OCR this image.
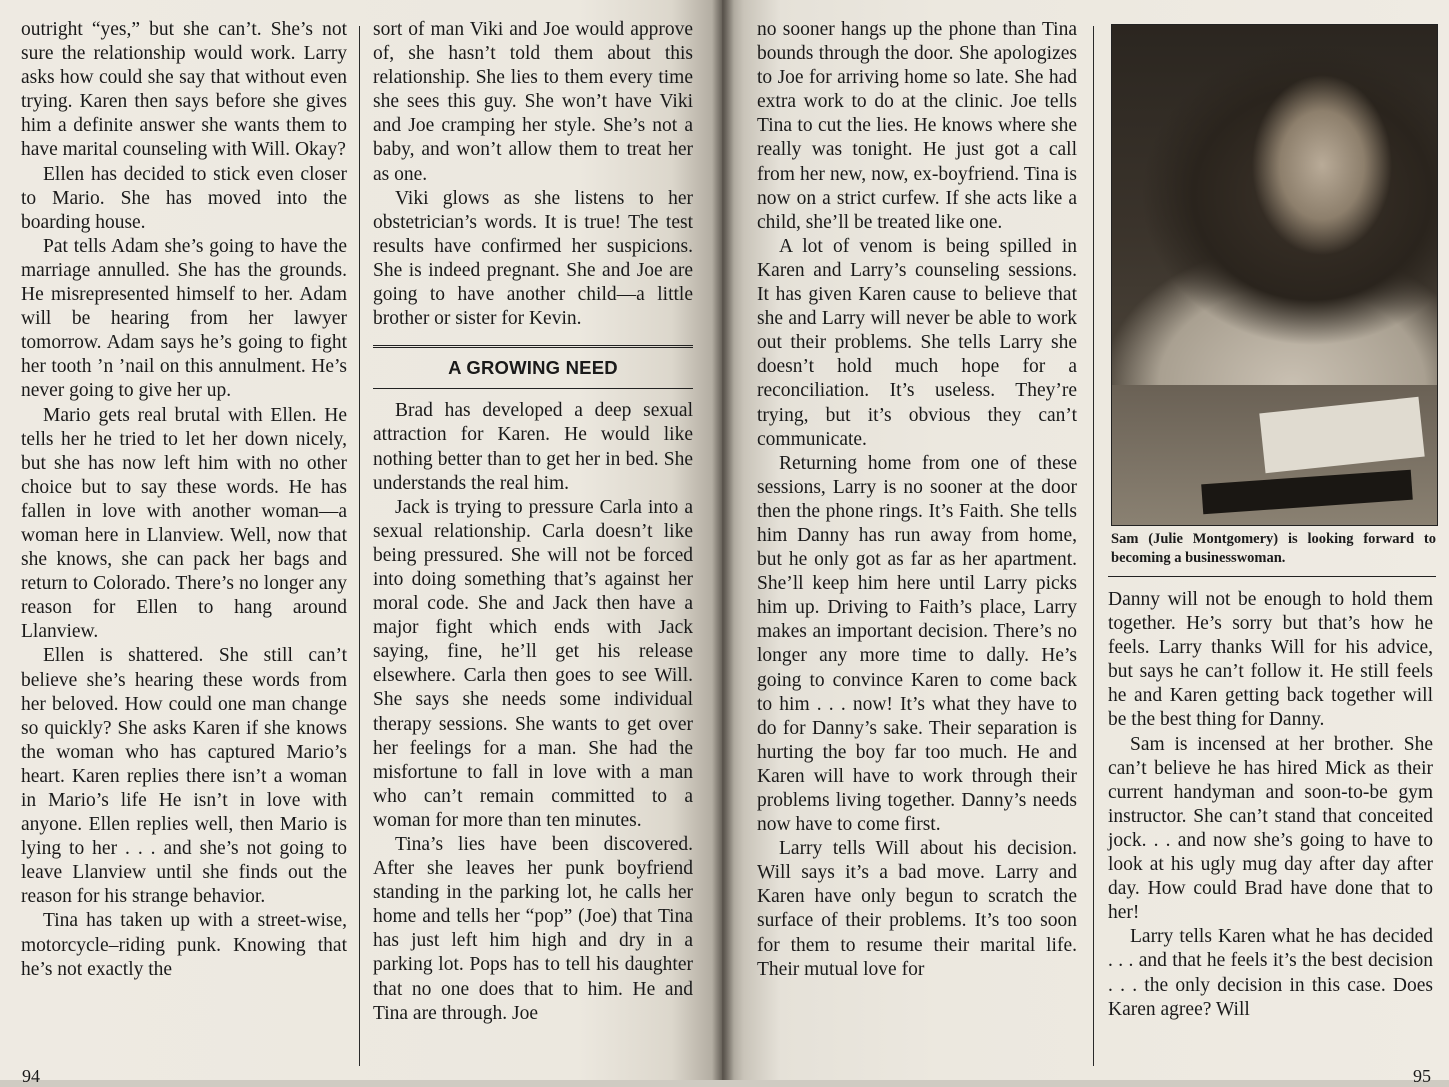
outright “yes,” but she can’t. She’s not sure the relationship would work. Larry asks how could she say that without even trying. Karen then says before she gives him a definite answer she wants them to have marital counseling with Will. Okay?

Ellen has decided to stick even closer to Mario. She has moved into the boarding house.

Pat tells Adam she’s going to have the marriage annulled. She has the grounds. He misrepresented himself to her. Adam will be hearing from her lawyer tomorrow. Adam says he’s going to fight her tooth ’n ’nail on this annulment. He’s never going to give her up.

Mario gets real brutal with Ellen. He tells her he tried to let her down nicely, but she has now left him with no other choice but to say these words. He has fallen in love with another woman—a woman here in Llanview. Well, now that she knows, she can pack her bags and return to Colorado. There’s no longer any reason for Ellen to hang around Llanview.

Ellen is shattered. She still can’t believe she’s hearing these words from her beloved. How could one man change so quickly? She asks Karen if she knows the woman who has captured Mario’s heart. Karen replies there isn’t a woman in Mario’s life He isn’t in love with anyone. Ellen replies well, then Mario is lying to her . . . and she’s not going to leave Llanview until she finds out the reason for his strange behavior.

Tina has taken up with a street-wise, motorcycle–riding punk. Knowing that he’s not exactly the

sort of man Viki and Joe would approve of, she hasn’t told them about this relationship. She lies to them every time she sees this guy. She won’t have Viki and Joe cramping her style. She’s not a baby, and won’t allow them to treat her as one.

Viki glows as she listens to her obstetrician’s words. It is true! The test results have confirmed her suspicions. She is indeed pregnant. She and Joe are going to have another child—a little brother or sister for Kevin.

A GROWING NEED

Brad has developed a deep sexual attraction for Karen. He would like nothing better than to get her in bed. She understands the real him.

Jack is trying to pressure Carla into a sexual relationship. Carla doesn’t like being pressured. She will not be forced into doing something that’s against her moral code. She and Jack then have a major fight which ends with Jack saying, fine, he’ll get his release elsewhere. Carla then goes to see Will. She says she needs some individual therapy sessions. She wants to get over her feelings for a man. She had the misfortune to fall in love with a man who can’t remain committed to a woman for more than ten minutes.

Tina’s lies have been discovered. After she leaves her punk boyfriend standing in the parking lot, he calls her home and tells her “pop” (Joe) that Tina has just left him high and dry in a parking lot. Pops has to tell his daughter that no one does that to him. He and Tina are through. Joe

94

no sooner hangs up the phone than Tina bounds through the door. She apologizes to Joe for arriving home so late. She had extra work to do at the clinic. Joe tells Tina to cut the lies. He knows where she really was tonight. He just got a call from her new, now, ex-boyfriend. Tina is now on a strict curfew. If she acts like a child, she’ll be treated like one.

A lot of venom is being spilled in Karen and Larry’s counseling sessions. It has given Karen cause to believe that she and Larry will never be able to work out their problems. She tells Larry she doesn’t hold much hope for a reconciliation. It’s useless. They’re trying, but it’s obvious they can’t communicate.

Returning home from one of these sessions, Larry is no sooner at the door then the phone rings. It’s Faith. She tells him Danny has run away from home, but he only got as far as her apartment. She’ll keep him here until Larry picks him up. Driving to Faith’s place, Larry makes an important decision. There’s no longer any more time to dally. He’s going to convince Karen to come back to him . . . now! It’s what they have to do for Danny’s sake. Their separation is hurting the boy far too much. He and Karen will have to work through their problems living together. Danny’s needs now have to come first.

Larry tells Will about his decision. Will says it’s a bad move. Larry and Karen have only begun to scratch the surface of their problems. It’s too soon for them to resume their marital life. Their mutual love for

Sam (Julie Montgomery) is looking forward to becoming a businesswoman.

Danny will not be enough to hold them together. He’s sorry but that’s how he feels. Larry thanks Will for his advice, but says he can’t follow it. He still feels he and Karen getting back together will be the best thing for Danny.

Sam is incensed at her brother. She can’t believe he has hired Mick as their current handyman and soon-to-be gym instructor. She can’t stand that conceited jock. . . and now she’s going to have to look at his ugly mug day after day after day. How could Brad have done that to her!

Larry tells Karen what he has decided . . . and that he feels it’s the best decision . . . the only decision in this case. Does Karen agree? Will

95
